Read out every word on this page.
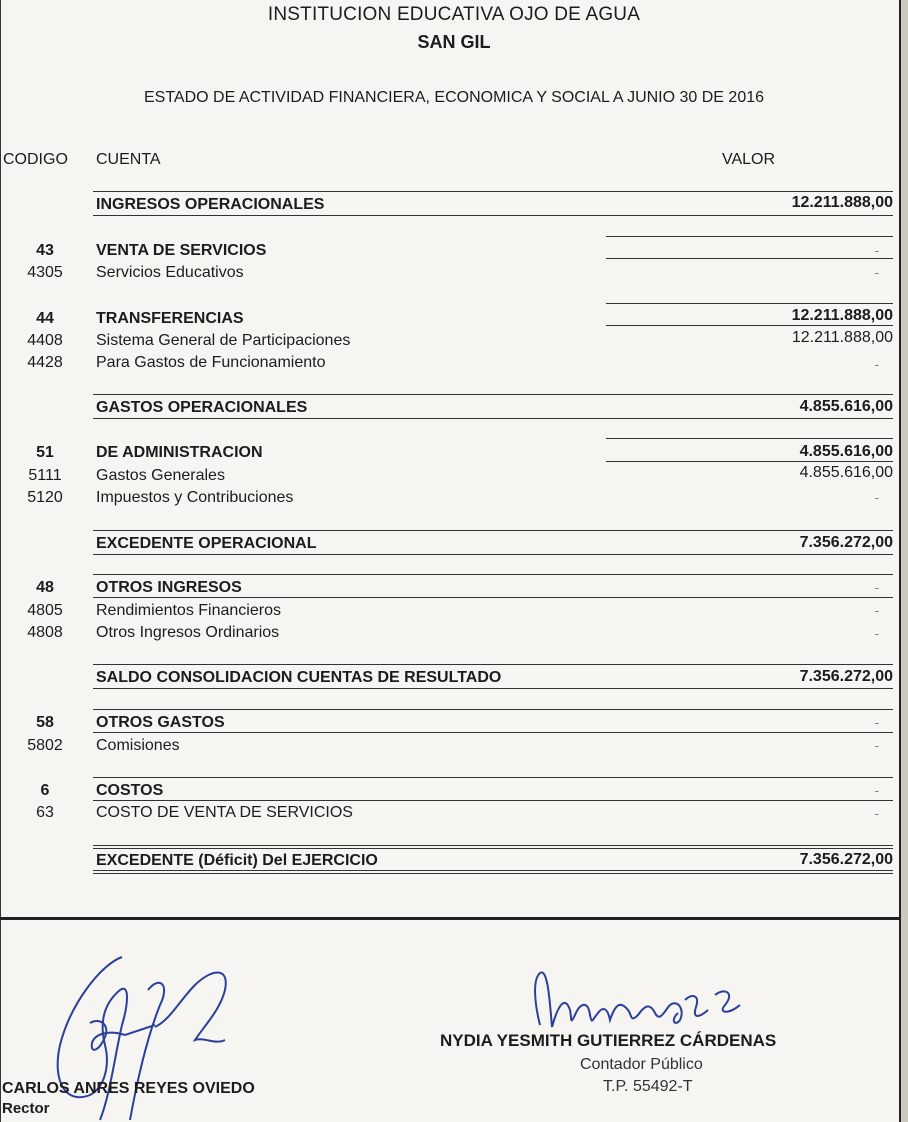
INSTITUCION EDUCATIVA OJO DE AGUA
SAN GIL
ESTADO DE ACTIVIDAD FINANCIERA, ECONOMICA Y SOCIAL A JUNIO 30 DE 2016
CODIGO CUENTA	VALOR
INGRESOS OPERACIONALES	12.211.888,00
43	VENTA DE SERVICIOS	-
4305	Servicios Educativos	-
44	TRANSFERENCIAS	12.211.888,00
4408	Sistema General de Participaciones	12.211.888,00
4428	Para Gastos de Funcionamiento	-
GASTOS OPERACIONALES	4.855.616,00
51	DE ADMINISTRACION	4.855.616,00
5111	Gastos Generales	4.855.616,00
5120	Impuestos y Contribuciones	-
EXCEDENTE OPERACIONAL	7.356.272,00
48	OTROS INGRESOS	-
4805	Rendimientos Financieros	-
4808	Otros Ingresos Ordinarios	-
SALDO CONSOLIDACION CUENTAS DE RESULTADO	7.356.272,00
58	OTROS GASTOS	-
5802	Comisiones	-
6	COSTOS	-
63	COSTO DE VENTA DE SERVICIOS	-
EXCEDENTE (Déficit) Del EJERCICIO	7.356.272,00
CARLOS ANRES REYES OVIEDO
Rector
NYDIA YESMITH GUTIERREZ CÁRDENAS
Contador Público
T.P. 55492-T
